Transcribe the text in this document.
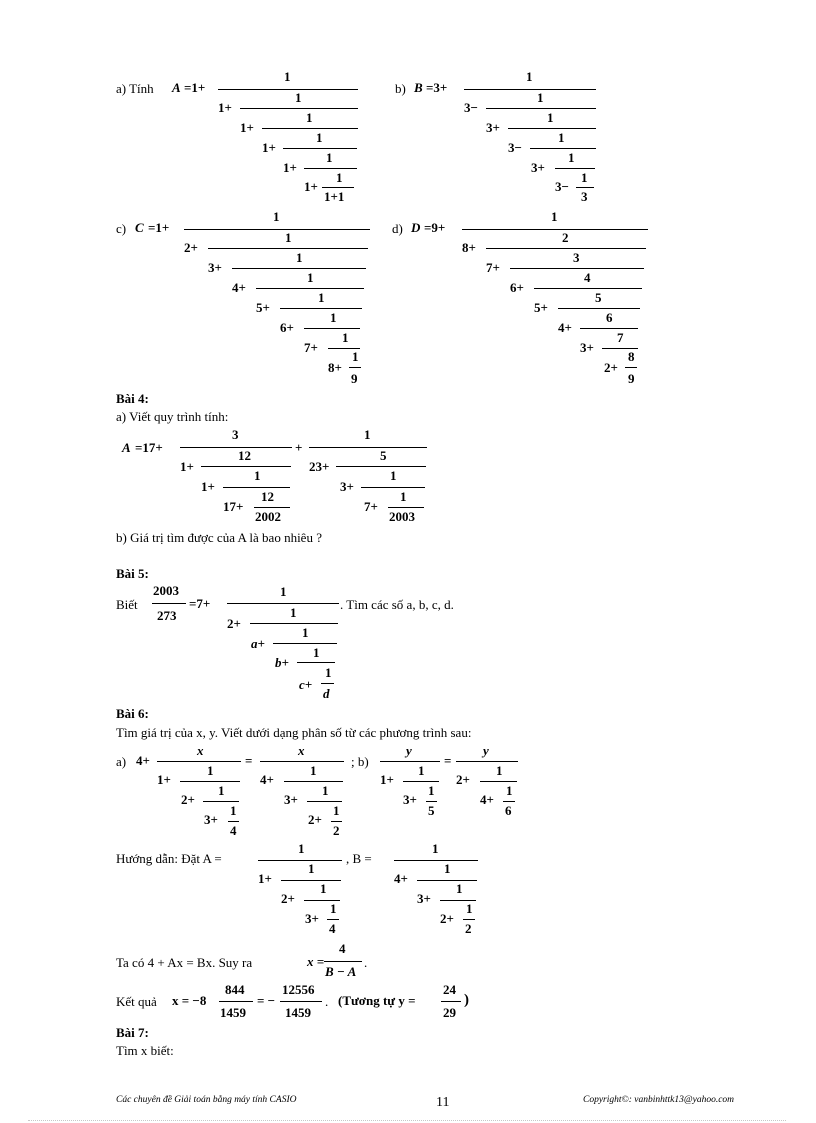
a) Tính A =1+
1
1+
1
1+
1
1+
1
1+
1
1+
1
1+1
b) B =3+
1
3−
1
3+
1
3−
1
3+
1
3−
1
3
c) C =1+
1
2+
1
3+
1
4+
1
5+
1
6+
1
7+
1
8+
1
9
d) D =9+
1
8+
2
7+
3
6+
4
5+
5
4+
6
3+
7
2+
8
9
Bài 4:
a) Viết quy trình tính:
A =17+
3
1+
12
1+
1
17+
12
2002
+
1
23+
5
3+
1
7+
1
2003
b) Giá trị tìm được của A là bao nhiêu ?
Bài 5:
Biết
2003
273
=7+
1
2+
1
a+
1
b+
1
c+
1
d
. Tìm các số a, b, c, d.
Bài 6:
Tìm giá trị của x, y. Viết dưới dạng phân số từ các phương trình sau:
a) 4+
x
1+
2+
3+
4
=
x
4+
3+
2+
2
; b)
y
1+
3+
5
=
y
2+
4+
6
1
1
1
1
1
1
1
1
1
1
Hướng dẫn: Đặt A =
1
1+
1
2+
1
3+
1
4
, B =
1
4+
1
3+
1
2+
1
2
Ta có 4 + Ax = Bx. Suy ra	x =
4
B − A
.
Kết quả x = −8
844
1459
= −
12556
1459
. (Tương tự y =
24
29
)
Bài 7:
Tìm x biết:
Các chuyên đề Giải toán bằng máy tính CASIO	11	Copyright©: vanbinhttk13@yahoo.com
